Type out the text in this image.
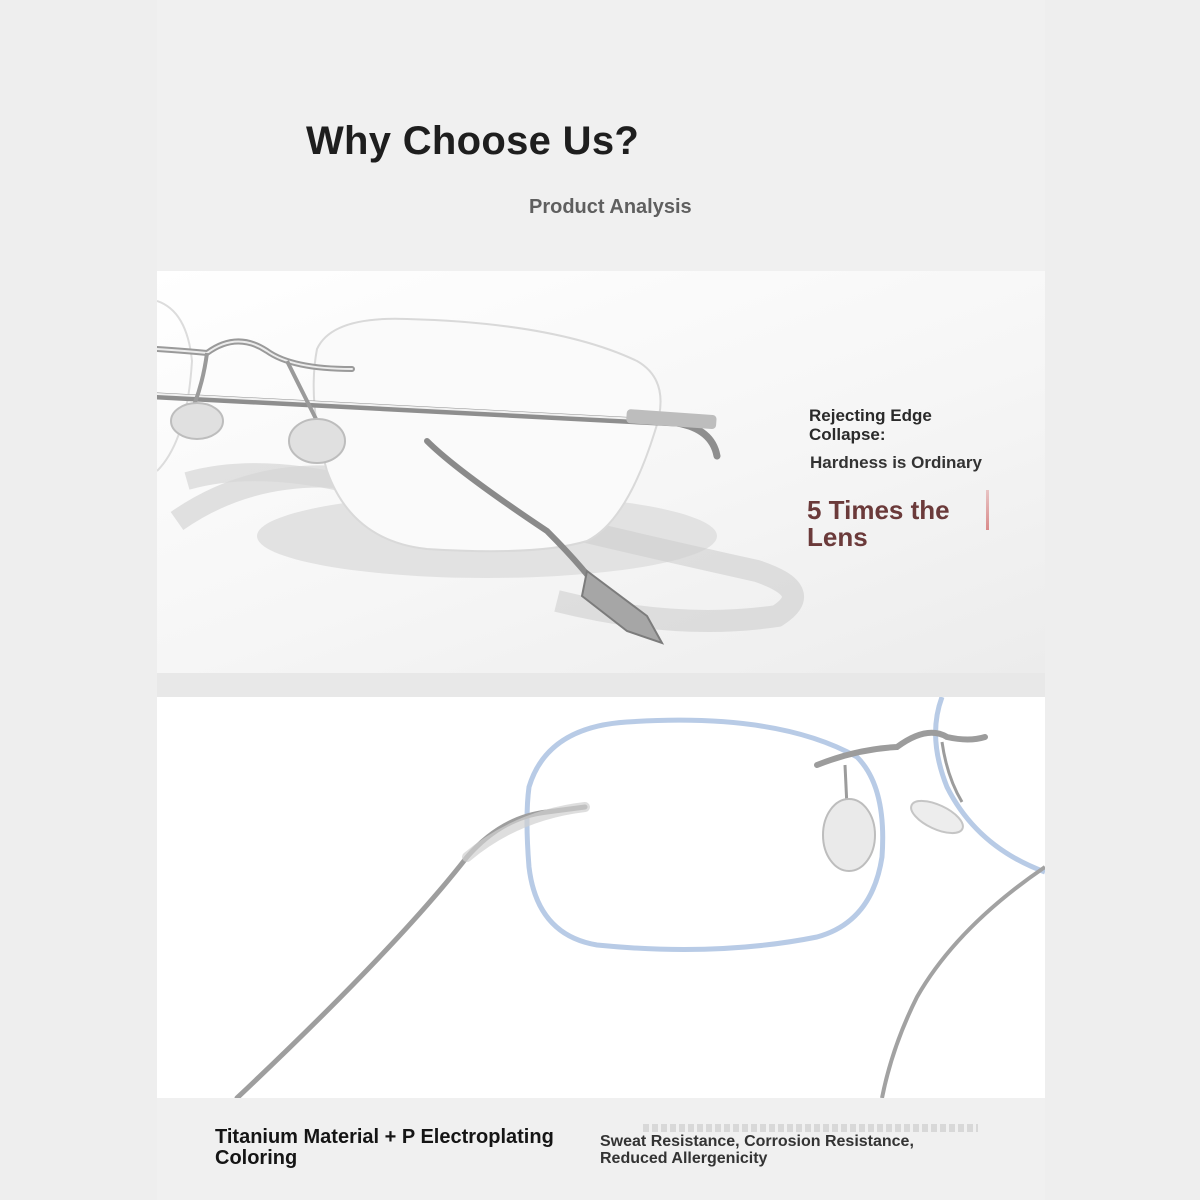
Why Choose Us?
Product Analysis
Rejecting Edge
Collapse:
Hardness is Ordinary
5 Times the
Lens
Titanium Material + P Electroplating
Coloring
Sweat Resistance, Corrosion Resistance,
Reduced Allergenicity
